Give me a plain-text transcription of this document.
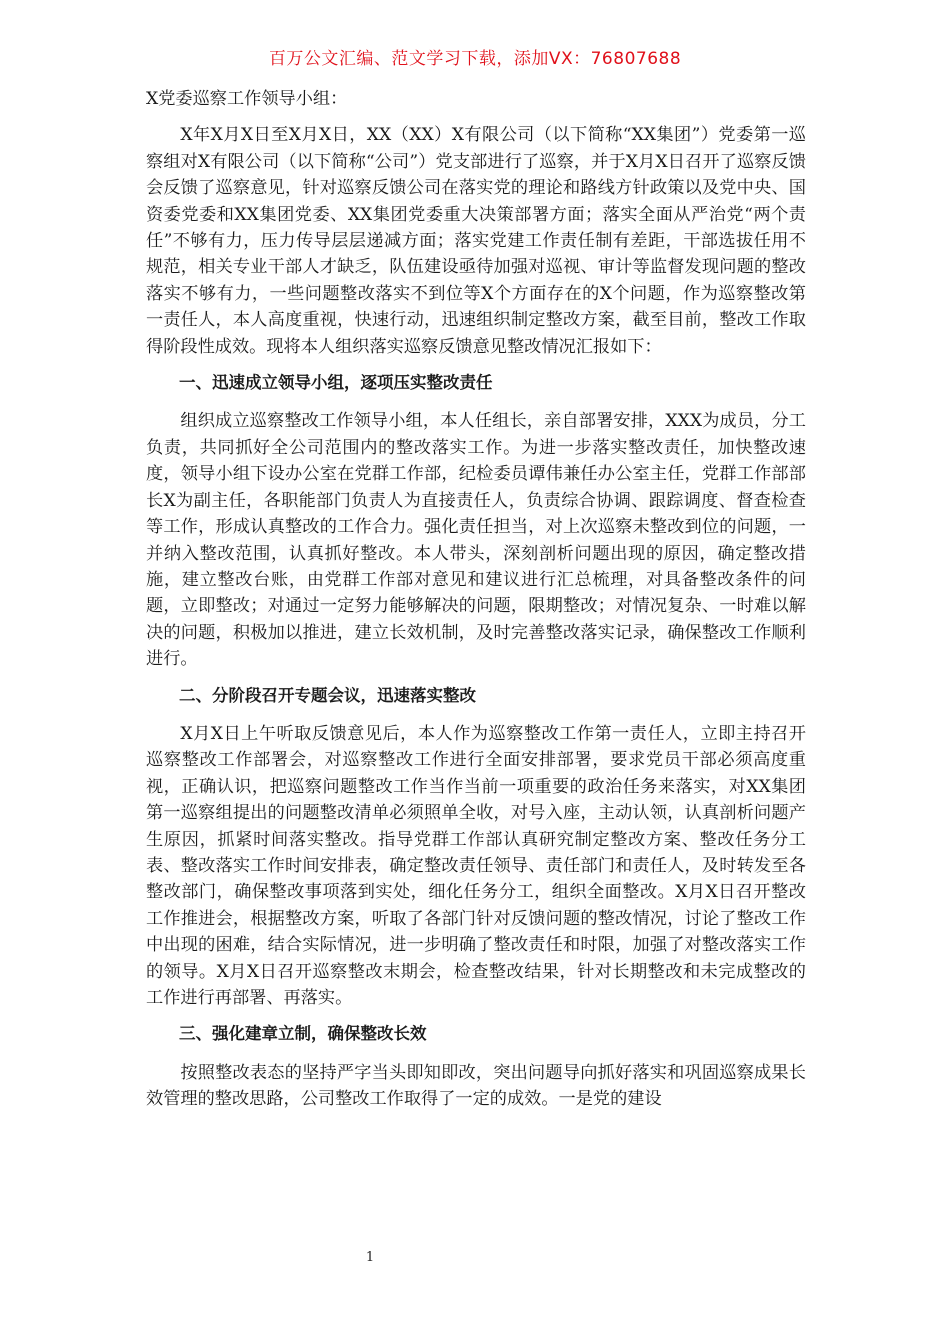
百万公文汇编、范文学习下载，添加VX：76807688

X党委巡察工作领导小组：

X年X月X日至X月X日，XX（XX）X有限公司（以下简称“XX集团”）党委第一巡察组对X有限公司（以下简称“公司”）党支部进行了巡察，并于X月X日召开了巡察反馈会反馈了巡察意见，针对巡察反馈公司在落实党的理论和路线方针政策以及党中央、国资委党委和XX集团党委、XX集团党委重大决策部署方面；落实全面从严治党“两个责任”不够有力，压力传导层层递减方面；落实党建工作责任制有差距，干部选拔任用不规范，相关专业干部人才缺乏，队伍建设亟待加强对巡视、审计等监督发现问题的整改落实不够有力，一些问题整改落实不到位等X个方面存在的X个问题，作为巡察整改第一责任人，本人高度重视，快速行动，迅速组织制定整改方案，截至目前，整改工作取得阶段性成效。现将本人组织落实巡察反馈意见整改情况汇报如下：

一、迅速成立领导小组，逐项压实整改责任

组织成立巡察整改工作领导小组，本人任组长，亲自部署安排，XXX为成员，分工负责，共同抓好全公司范围内的整改落实工作。为进一步落实整改责任，加快整改速度，领导小组下设办公室在党群工作部，纪检委员谭伟兼任办公室主任，党群工作部部长X为副主任，各职能部门负责人为直接责任人，负责综合协调、跟踪调度、督查检查等工作，形成认真整改的工作合力。强化责任担当，对上次巡察未整改到位的问题，一并纳入整改范围，认真抓好整改。本人带头，深刻剖析问题出现的原因，确定整改措施，建立整改台账，由党群工作部对意见和建议进行汇总梳理，对具备整改条件的问题，立即整改；对通过一定努力能够解决的问题，限期整改；对情况复杂、一时难以解决的问题，积极加以推进，建立长效机制，及时完善整改落实记录，确保整改工作顺利进行。

二、分阶段召开专题会议，迅速落实整改

X月X日上午听取反馈意见后，本人作为巡察整改工作第一责任人，立即主持召开巡察整改工作部署会，对巡察整改工作进行全面安排部署，要求党员干部必须高度重视，正确认识，把巡察问题整改工作当作当前一项重要的政治任务来落实，对XX集团第一巡察组提出的问题整改清单必须照单全收，对号入座，主动认领，认真剖析问题产生原因，抓紧时间落实整改。指导党群工作部认真研究制定整改方案、整改任务分工表、整改落实工作时间安排表，确定整改责任领导、责任部门和责任人，及时转发至各整改部门，确保整改事项落到实处，细化任务分工，组织全面整改。X月X日召开整改工作推进会，根据整改方案，听取了各部门针对反馈问题的整改情况，讨论了整改工作中出现的困难，结合实际情况，进一步明确了整改责任和时限，加强了对整改落实工作的领导。X月X日召开巡察整改末期会，检查整改结果，针对长期整改和未完成整改的工作进行再部署、再落实。

三、强化建章立制，确保整改长效

按照整改表态的坚持严字当头即知即改，突出问题导向抓好落实和巩固巡察成果长效管理的整改思路，公司整改工作取得了一定的成效。一是党的建设

1
